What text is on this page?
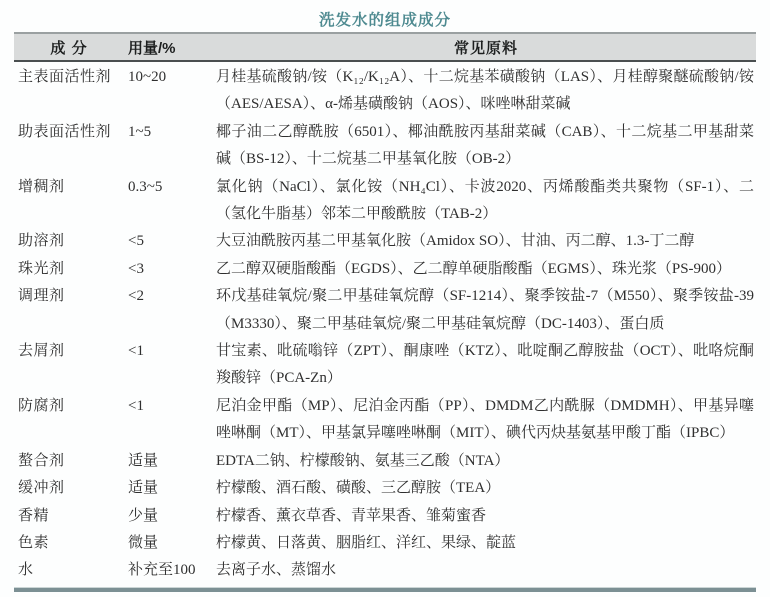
洗发水的组成成分
成 分	用量/%	常见原料
主表面活性剂	10~20	月桂基硫酸钠/铵（K₁₂/K₁₂A）、十二烷基苯磺酸钠（LAS）、月桂醇聚醚硫酸钠/铵（AES/AESA）、α-烯基磺酸钠（AOS）、咪唑啉甜菜碱
助表面活性剂	1~5	椰子油二乙醇酰胺（6501）、椰油酰胺丙基甜菜碱（CAB）、十二烷基二甲基甜菜碱（BS-12）、十二烷基二甲基氧化胺（OB-2）
增稠剂	0.3~5	氯化钠（NaCl）、氯化铵（NH₄Cl）、卡波2020、丙烯酸酯类共聚物（SF-1）、二（氢化牛脂基）邻苯二甲酸酰胺（TAB-2）
助溶剂	<5	大豆油酰胺丙基二甲基氧化胺（Amidox SO）、甘油、丙二醇、1.3-丁二醇
珠光剂	<3	乙二醇双硬脂酸酯（EGDS）、乙二醇单硬脂酸酯（EGMS）、珠光浆（PS-900）
调理剂	<2	环戊基硅氧烷/聚二甲基硅氧烷醇（SF-1214）、聚季铵盐-7（M550）、聚季铵盐-39（M3330）、聚二甲基硅氧烷/聚二甲基硅氧烷醇（DC-1403）、蛋白质
去屑剂	<1	甘宝素、吡硫嗡锌（ZPT）、酮康唑（KTZ）、吡啶酮乙醇胺盐（OCT）、吡咯烷酮羧酸锌（PCA-Zn）
防腐剂	<1	尼泊金甲酯（MP）、尼泊金丙酯（PP）、DMDM乙内酰脲（DMDMH）、甲基异噻唑啉酮（MT）、甲基氯异噻唑啉酮（MIT）、碘代丙炔基氨基甲酸丁酯（IPBC）
螯合剂	适量	EDTA二钠、柠檬酸钠、氨基三乙酸（NTA）
缓冲剂	适量	柠檬酸、酒石酸、磺酸、三乙醇胺（TEA）
香精	少量	柠檬香、薰衣草香、青苹果香、雏菊蜜香
色素	微量	柠檬黄、日落黄、胭脂红、洋红、果绿、靛蓝
水	补充至100	去离子水、蒸馏水
